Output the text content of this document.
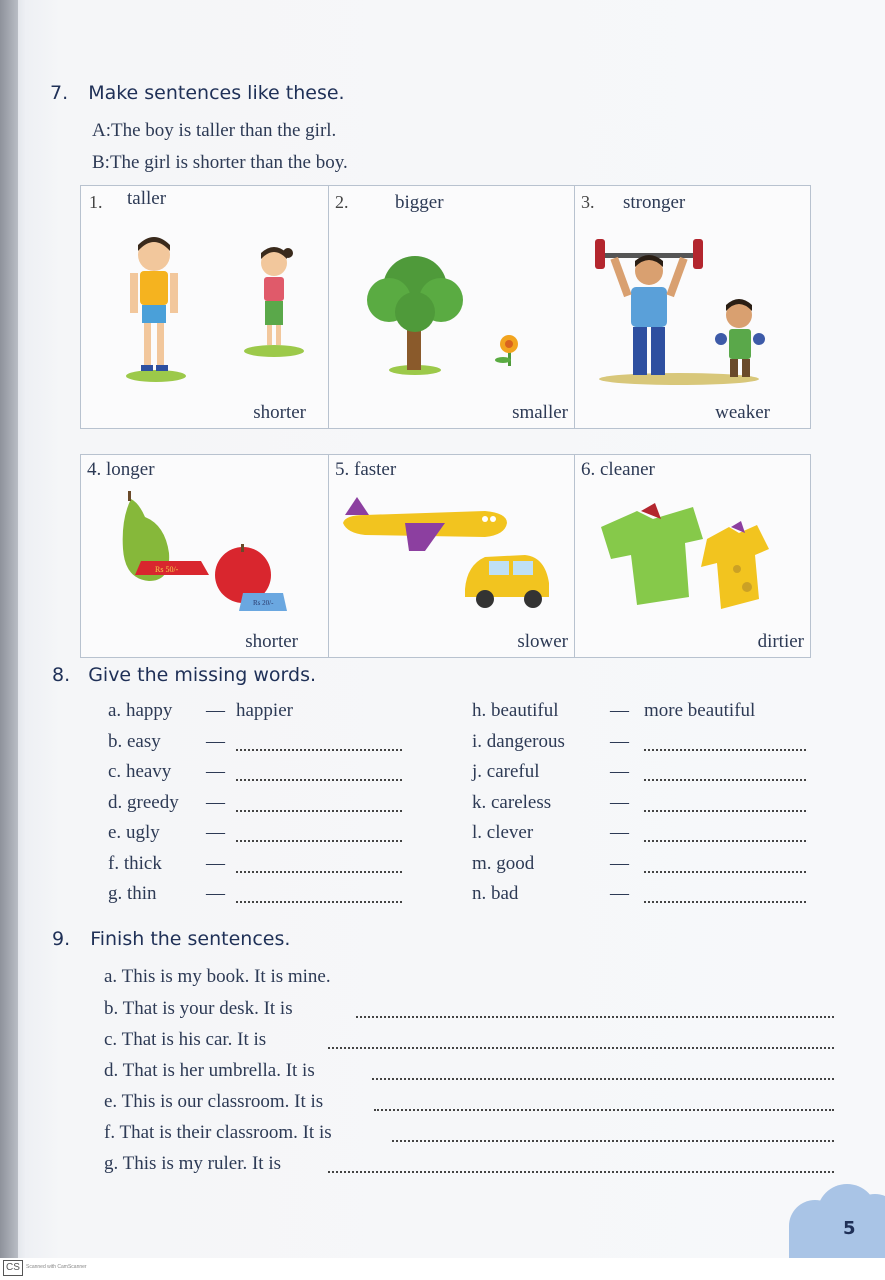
7. Make sentences like these.
A:The boy is taller than the girl.
B:The girl is shorter than the boy.
1. taller
shorter
2. bigger
smaller
3. stronger
weaker
4. longer
Rs 50/-
Rs 20/-
shorter
5. faster
slower
6. cleaner
dirtier
8. Give the missing words.
a. happy — happier
b. easy —
c. heavy —
d. greedy —
e. ugly —
f. thick —
g. thin	—
h. beautiful	— more beautiful
i. dangerous —
j. careful	—
k. careless	—
l. clever	—
m. good	—
n. bad	—
9. Finish the sentences.
a. This is my book. It is mine.
b. That is your desk. It is
c. That is his car. It is
d. That is her umbrella. It is
e. This is our classroom. It is
f. That is their classroom. It is
g. This is my ruler. It is
5
CS	Scanned with CamScanner
